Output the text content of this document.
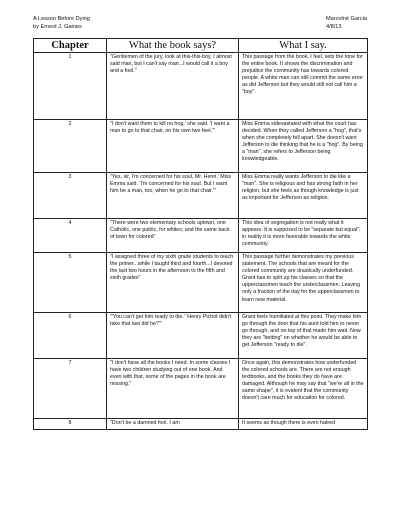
A Lesson Before Dying
by Ernest J. Gaines
Marcolné Garcia
4/8/13
Chapter	What the book says?	What I say.
1	"Gentlemen of the jury, look at this-this-boy. I almost said man, but I can't say man...I would call it a boy and a fool."	This passage from the book, I feel, sets the tone for the entire book. It shows the discrimination and prejudice the community has towards colored people. A white man can still commit the same error as did Jefferson but they would still not call him a "boy".
2	"I don't want them to kill no hog,' she said. 'I want a man to go to that chair, on his own two feet.'"	Miss Emma sidevastated with what the court has decided. When they called Jefferson a "hog", that's when she completely fell apart. She doesn't want Jefferson to die thinking that he is a "hog". By being a "man", she refers to Jefferson being knowledgeable.
3	"Yes, sir, I'm concerned for his soul, Mr. Henri,' Miss Emma said. 'I'm concerned for his soul. But I want him be a man, too, when he go to that chair.'"	Miss Emma really wants Jefferson to die like a "man". She is religious and has strong faith in her religion, but she feels as though knowledge is just as important for Jefferson as religion.
4	"There were two elementary schools uptown, one Catholic, one public, for whites; and the same back of town for colored"	This idea of segregation is not really what it appears. It is supposed to be "separate but equal"; in reality it is more favorable towards the white community.
5	"I assigned three of my sixth grade students to teach the primer...while I taught third and fourth...I devoted the last two hours in the afternoon to the fifth and sixth grades"	This passage further demonstrates my previous statement. The schools that are meant for the colored community are drastically underfunded. Grant has to split up his classes so that the upperclassmen teach the underclassmen. Leaving only a fraction of the day for the upperclassmen to learn new material.
6	"'You can't get him ready to die.' 'Henry Pichot didn't take that last did he?'"	Grant feels humiliated at this point. They make him go through the door that his aunt told him to never go through, and on top of that made him wait. Now they are "betting" on whether he would be able to get Jefferson "ready to die".
7	"I don't have all the books I need. In some classes I have two children studying out of one book. And even with that, some of the pages in the book are missing."	Once again, this demonstrates how underfunded the colored schools are. There are not enough textbooks, and the books they do have are damaged. Although he may say that "we're all in the same shape", it is evident that the community doesn't care much for education for colored.
8	"Don't be a damned fool. I am	It seems as though there is even hatred
